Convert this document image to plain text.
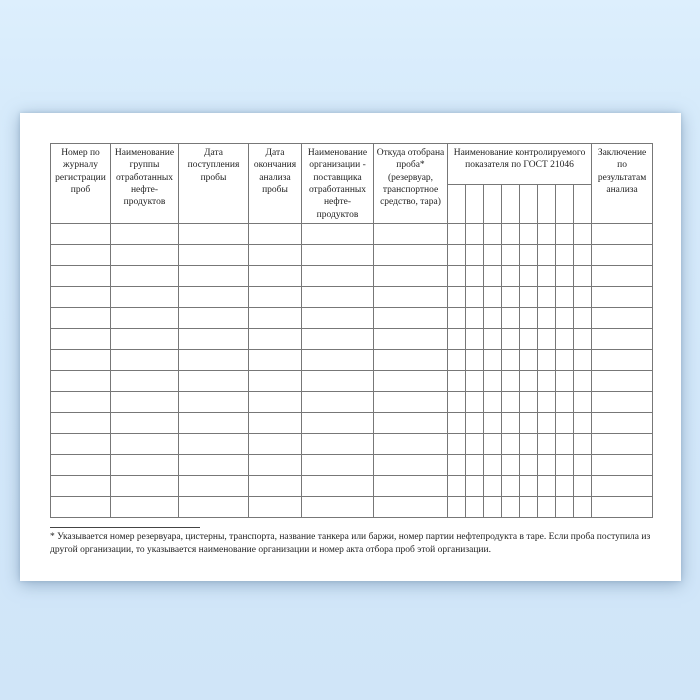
Номер по журналу регистрации проб	Наименование группы отработанных нефте-продуктов	Дата поступления пробы	Дата окончания анализа пробы	Наименование организации - поставщика отработанных нефте-продуктов	Откуда отобрана проба* (резервуар, транспортное средство, тара)	Наименование контролируемого показателя по ГОСТ 21046								Заключение по результатам анализа

* Указывается номер резервуара, цистерны, транспорта, название танкера или баржи, номер партии нефтепродукта в таре. Если проба поступила из другой организации, то указывается наименование организации и номер акта отбора проб этой организации.
